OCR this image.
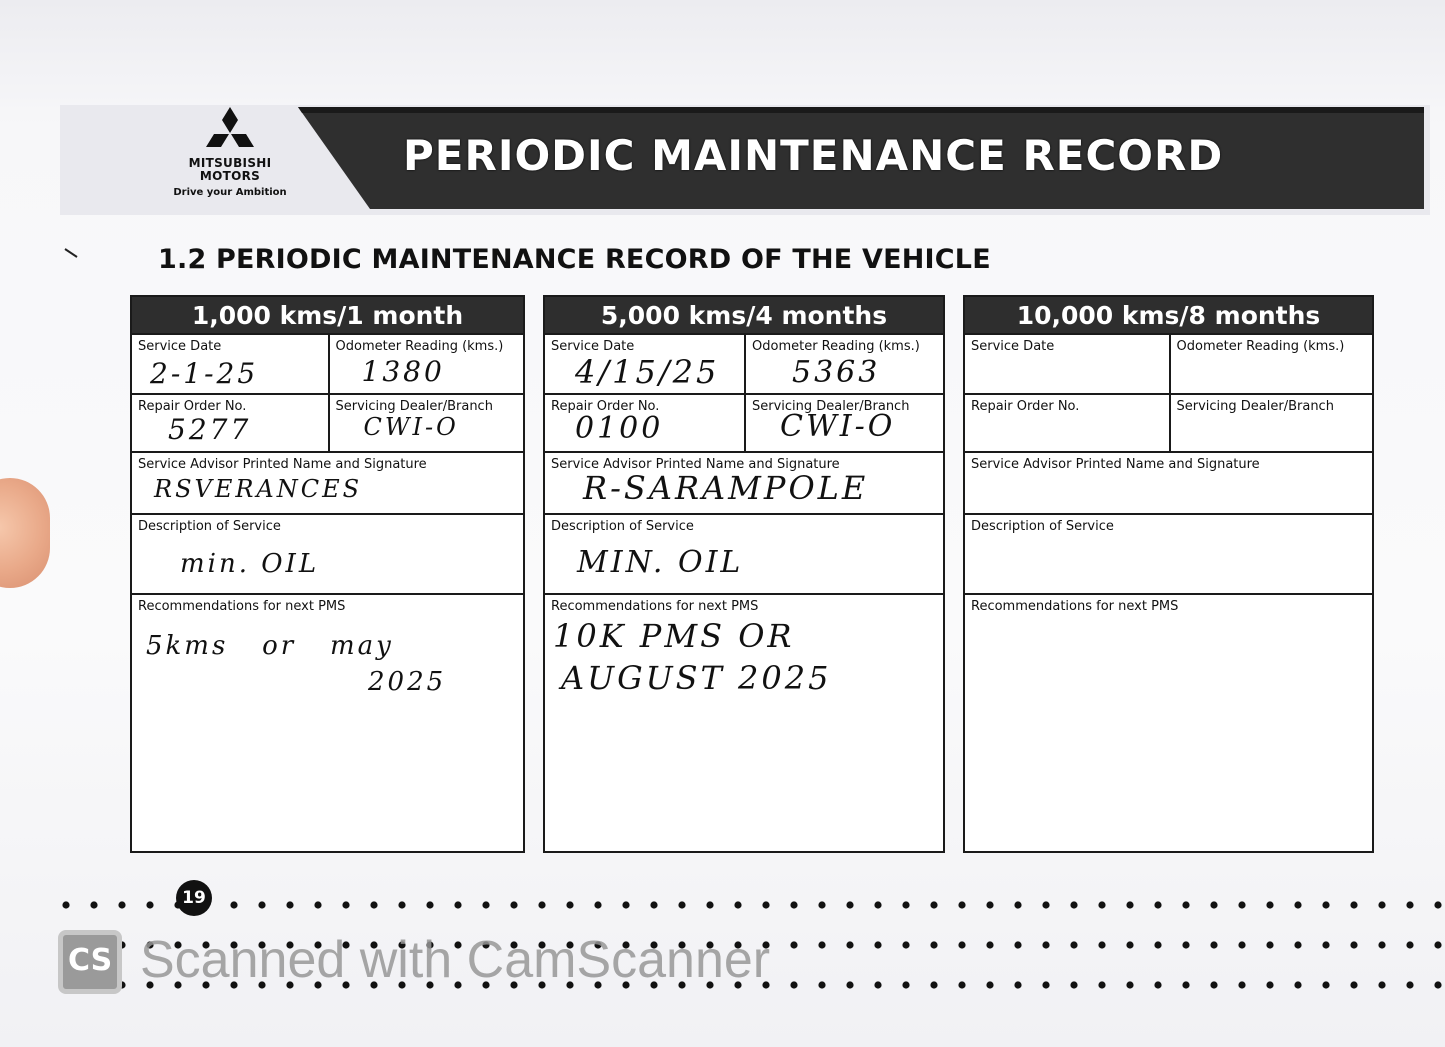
MITSUBISHI
MOTORS
Drive your Ambition
PERIODIC MAINTENANCE RECORD
1.2 PERIODIC MAINTENANCE RECORD OF THE VEHICLE
1,000 kms/1 month
Service Date
2-1-25
Odometer Reading (kms.)
1380
Repair Order No.
5277
Servicing Dealer/Branch
CWI-O
Service Advisor Printed Name and Signature
RSVERANCES
Description of Service
min. OIL
Recommendations for next PMS
5kms   or   may
2025
5,000 kms/4 months
Service Date
4/15/25
Odometer Reading (kms.)
5363
Repair Order No.
0100
Servicing Dealer/Branch
CWI-O
Service Advisor Printed Name and Signature
R-SARAMPOLE
Description of Service
MIN. OIL
Recommendations for next PMS
10K PMS OR
AUGUST 2025
10,000 kms/8 months
Service Date	Odometer Reading (kms.)
Repair Order No.	Servicing Dealer/Branch
Service Advisor Printed Name and Signature
Description of Service
Recommendations for next PMS
19
CS Scanned with CamScanner
